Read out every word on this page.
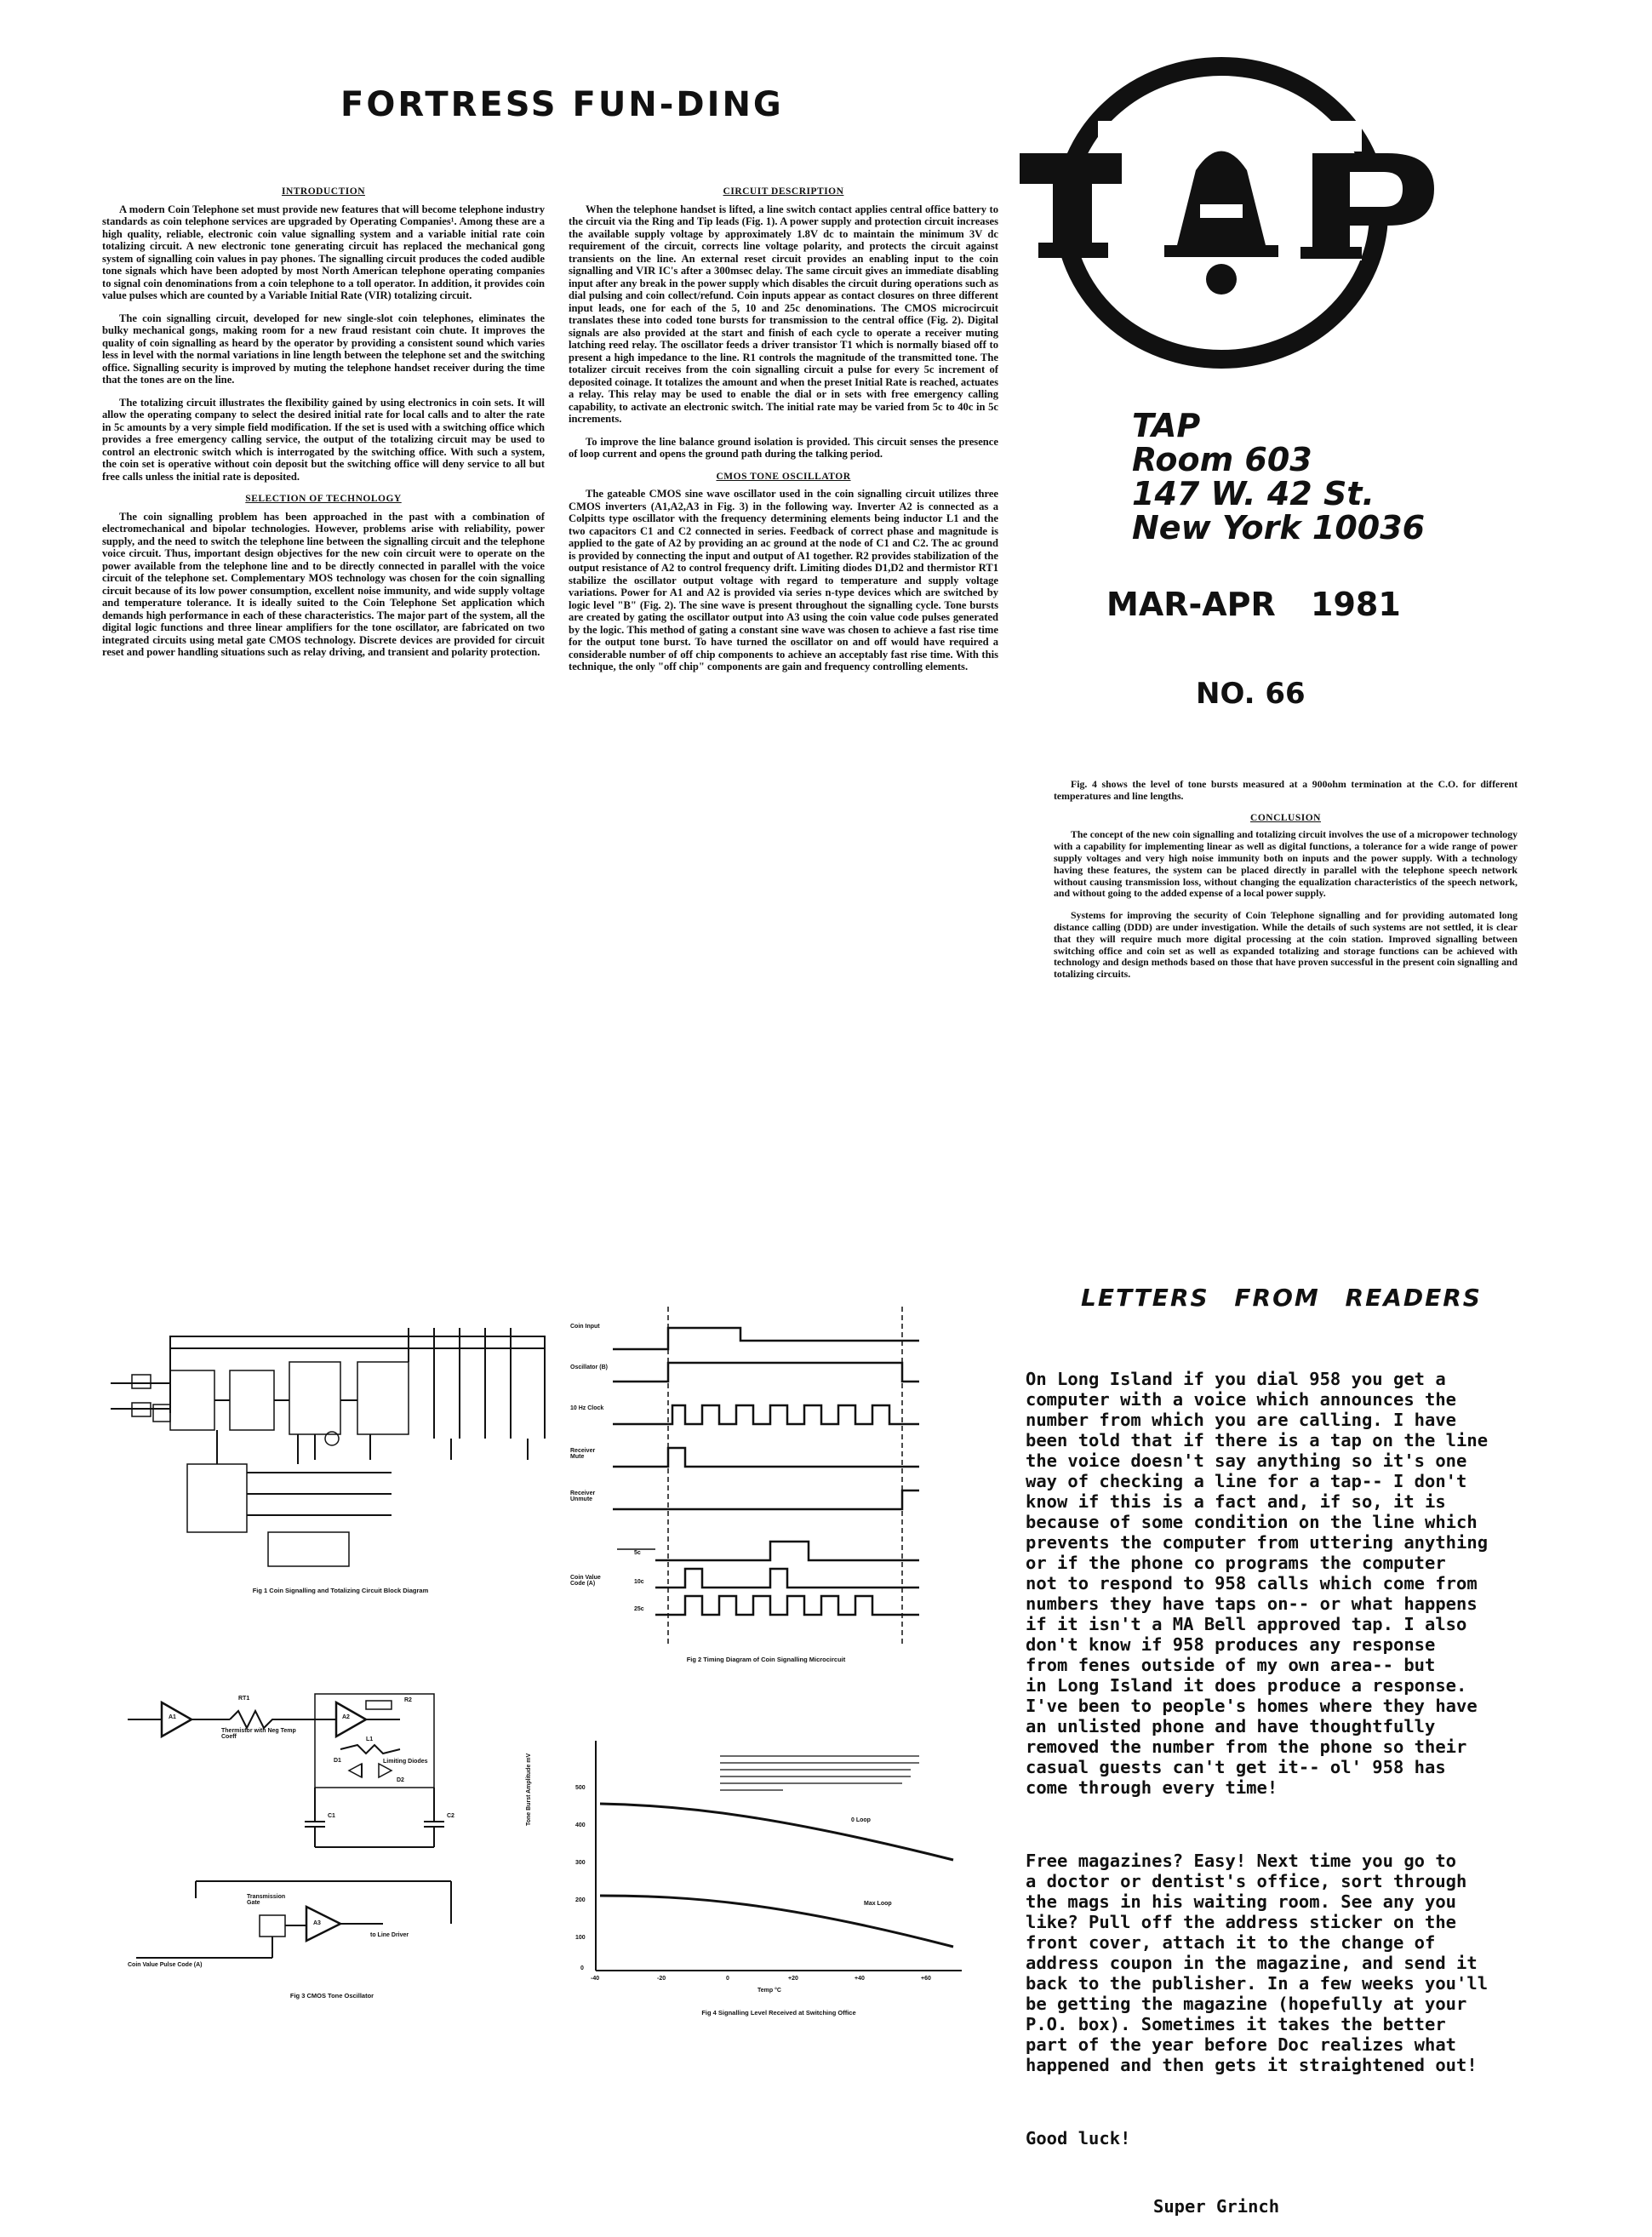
FORTRESS FUN-DING
TAP
Room 603
147 W. 42 St.
New York 10036
MAR-APR 1981
NO. 66
INTRODUCTION

A modern Coin Telephone set must provide new features that will become telephone industry standards as coin telephone services are upgraded by Operating Companies¹. Among these are a high quality, reliable, electronic coin value signalling system and a variable initial rate coin totalizing circuit. A new electronic tone generating circuit has replaced the mechanical gong system of signalling coin values in pay phones. The signalling circuit produces the coded audible tone signals which have been adopted by most North American telephone operating companies to signal coin denominations from a coin telephone to a toll operator. In addition, it provides coin value pulses which are counted by a Variable Initial Rate (VIR) totalizing circuit.

The coin signalling circuit, developed for new single-slot coin telephones, eliminates the bulky mechanical gongs, making room for a new fraud resistant coin chute. It improves the quality of coin signalling as heard by the operator by providing a consistent sound which varies less in level with the normal variations in line length between the telephone set and the switching office. Signalling security is improved by muting the telephone handset receiver during the time that the tones are on the line.

The totalizing circuit illustrates the flexibility gained by using electronics in coin sets. It will allow the operating company to select the desired initial rate for local calls and to alter the rate in 5c amounts by a very simple field modification. If the set is used with a switching office which provides a free emergency calling service, the output of the totalizing circuit may be used to control an electronic switch which is interrogated by the switching office. With such a system, the coin set is operative without coin deposit but the switching office will deny service to all but free calls unless the initial rate is deposited.

SELECTION OF TECHNOLOGY

The coin signalling problem has been approached in the past with a combination of electromechanical and bipolar technologies. However, problems arise with reliability, power supply, and the need to switch the telephone line between the signalling circuit and the telephone voice circuit. Thus, important design objectives for the new coin circuit were to operate on the power available from the telephone line and to be directly connected in parallel with the voice circuit of the telephone set. Complementary MOS technology was chosen for the coin signalling circuit because of its low power consumption, excellent noise immunity, and wide supply voltage and temperature tolerance. It is ideally suited to the Coin Telephone Set application which demands high performance in each of these characteristics. The major part of the system, all the digital logic functions and three linear amplifiers for the tone oscillator, are fabricated on two integrated circuits using metal gate CMOS technology. Discrete devices are provided for circuit reset and power handling situations such as relay driving, and transient and polarity protection.

CIRCUIT DESCRIPTION

When the telephone handset is lifted, a line switch contact applies central office battery to the circuit via the Ring and Tip leads (Fig. 1). A power supply and protection circuit increases the available supply voltage by approximately 1.8V dc to maintain the minimum 3V dc requirement of the circuit, corrects line voltage polarity, and protects the circuit against transients on the line. An external reset circuit provides an enabling input to the coin signalling and VIR IC's after a 300msec delay. The same circuit gives an immediate disabling input after any break in the power supply which disables the circuit during operations such as dial pulsing and coin collect/refund. Coin inputs appear as contact closures on three different input leads, one for each of the 5, 10 and 25c denominations. The CMOS microcircuit translates these into coded tone bursts for transmission to the central office (Fig. 2). Digital signals are also provided at the start and finish of each cycle to operate a receiver muting latching reed relay. The oscillator feeds a driver transistor T1 which is normally biased off to present a high impedance to the line. R1 controls the magnitude of the transmitted tone. The totalizer circuit receives from the coin signalling circuit a pulse for every 5c increment of deposited coinage. It totalizes the amount and when the preset Initial Rate is reached, actuates a relay. This relay may be used to enable the dial or in sets with free emergency calling capability, to activate an electronic switch. The initial rate may be varied from 5c to 40c in 5c increments.

To improve the line balance ground isolation is provided. This circuit senses the presence of loop current and opens the ground path during the talking period.

CMOS TONE OSCILLATOR

The gateable CMOS sine wave oscillator used in the coin signalling circuit utilizes three CMOS inverters (A1,A2,A3 in Fig. 3) in the following way. Inverter A2 is connected as a Colpitts type oscillator with the frequency determining elements being inductor L1 and the two capacitors C1 and C2 connected in series. Feedback of correct phase and magnitude is applied to the gate of A2 by providing an ac ground at the node of C1 and C2. The ac ground is provided by connecting the input and output of A1 together. R2 provides stabilization of the output resistance of A2 to control frequency drift. Limiting diodes D1,D2 and thermistor RT1 stabilize the oscillator output voltage with regard to temperature and supply voltage variations. Power for A1 and A2 is provided via series n-type devices which are switched by logic level "B" (Fig. 2). The sine wave is present throughout the signalling cycle. Tone bursts are created by gating the oscillator output into A3 using the coin value code pulses generated by the logic. This method of gating a constant sine wave was chosen to achieve a fast rise time for the output tone burst. To have turned the oscillator on and off would have required a considerable number of off chip components to achieve an acceptably fast rise time. With this technique, the only "off chip" components are gain and frequency controlling elements.

Fig. 4 shows the level of tone bursts measured at a 900ohm termination at the C.O. for different temperatures and line lengths.

CONCLUSION

The concept of the new coin signalling and totalizing circuit involves the use of a micropower technology with a capability for implementing linear as well as digital functions, a tolerance for a wide range of power supply voltages and very high noise immunity both on inputs and the power supply. With a technology having these features, the system can be placed directly in parallel with the telephone speech network without causing transmission loss, without changing the equalization characteristics of the speech network, and without going to the added expense of a local power supply.

Systems for improving the security of Coin Telephone signalling and for providing automated long distance calling (DDD) are under investigation. While the details of such systems are not settled, it is clear that they will require much more digital processing at the coin station. Improved signalling between switching office and coin set as well as expanded totalizing and storage functions can be achieved with technology and design methods based on those that have proven successful in the present coin signalling and totalizing circuits.

LETTERS FROM READERS

On Long Island if you dial 958 you get a
computer with a voice which announces the
number from which you are calling. I have
been told that if there is a tap on the line
the voice doesn't say anything so it's one
way of checking a line for a tap-- I don't
know if this is a fact and, if so, it is
because of some condition on the line which
prevents the computer from uttering anything
or if the phone co programs the computer
not to respond to 958 calls which come from
numbers they have taps on-- or what happens
if it isn't a MA Bell approved tap. I also
don't know if 958 produces any response
from fenes outside of my own area-- but
in Long Island it does produce a response.
I've been to people's homes where they have
an unlisted phone and have thoughtfully
removed the number from the phone so their
casual guests can't get it-- ol' 958 has
come through every time!

Free magazines? Easy! Next time you go to
a doctor or dentist's office, sort through
the mags in his waiting room. See any you
like? Pull off the address sticker on the
front cover, attach it to the change of
address coupon in the magazine, and send it
back to the publisher. In a few weeks you'll
be getting the magazine (hopefully at your
P.O. box). Sometimes it takes the better
part of the year before Doc realizes what
happened and then gets it straightened out!

Good luck!

Super Grinch

Fig 1 Coin Signalling and Totalizing Circuit Block Diagram
Coin Input
Oscillator (B)
10 Hz Clock
Receiver Mute
Receiver Unmute
Coin Value Code (A)
5c
10c
25c
Fig 2 Timing Diagram of Coin Signalling Microcircuit
A1	A2
A3
RT1	R2
L1
D1
D2
C1	C2
Transmission Gate
Coin Value Pulse Code (A)
to Line Driver
Thermistor with Neg Temp Coeff
Limiting Diodes
Fig 3 CMOS Tone Oscillator
Tone Burst Amplitude mV	500
400
300
200
100
0
-40	-20	0	+20	+40	+60
Temp °C
0 Loop
Max Loop
Fig 4 Signalling Level Received at Switching Office
